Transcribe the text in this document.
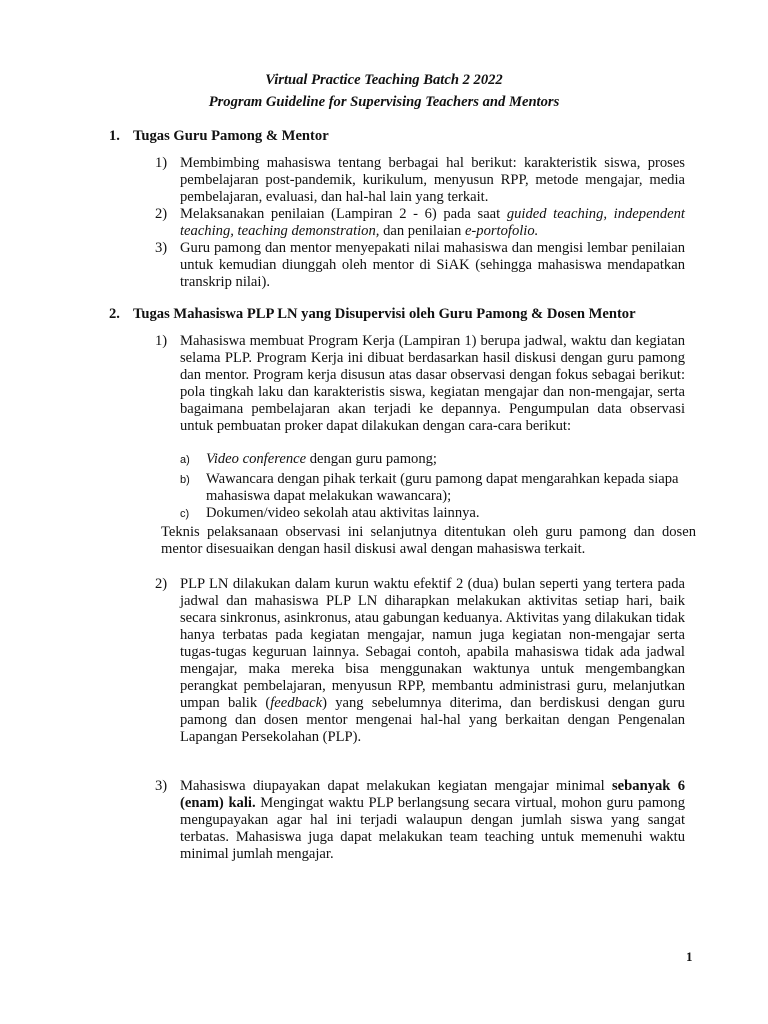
Virtual Practice Teaching Batch 2 2022
Program Guideline for Supervising Teachers and Mentors
1. Tugas Guru Pamong & Mentor
1) Membimbing mahasiswa tentang berbagai hal berikut: karakteristik siswa, proses pembelajaran post-pandemik, kurikulum, menyusun RPP, metode mengajar, media pembelajaran, evaluasi, dan hal-hal lain yang terkait.
2) Melaksanakan penilaian (Lampiran 2 - 6) pada saat guided teaching, independent teaching, teaching demonstration, dan penilaian e-portofolio.
3) Guru pamong dan mentor menyepakati nilai mahasiswa dan mengisi lembar penilaian untuk kemudian diunggah oleh mentor di SiAK (sehingga mahasiswa mendapatkan transkrip nilai).
2. Tugas Mahasiswa PLP LN yang Disupervisi oleh Guru Pamong & Dosen Mentor
1) Mahasiswa membuat Program Kerja (Lampiran 1) berupa jadwal, waktu dan kegiatan selama PLP. Program Kerja ini dibuat berdasarkan hasil diskusi dengan guru pamong dan mentor. Program kerja disusun atas dasar observasi dengan fokus sebagai berikut: pola tingkah laku dan karakteristis siswa, kegiatan mengajar dan non-mengajar, serta bagaimana pembelajaran akan terjadi ke depannya. Pengumpulan data observasi untuk pembuatan proker dapat dilakukan dengan cara-cara berikut:
a) Video conference dengan guru pamong;
b) Wawancara dengan pihak terkait (guru pamong dapat mengarahkan kepada siapa mahasiswa dapat melakukan wawancara);
c) Dokumen/video sekolah atau aktivitas lainnya.
Teknis pelaksanaan observasi ini selanjutnya ditentukan oleh guru pamong dan dosen mentor disesuaikan dengan hasil diskusi awal dengan mahasiswa terkait.
2) PLP LN dilakukan dalam kurun waktu efektif 2 (dua) bulan seperti yang tertera pada jadwal dan mahasiswa PLP LN diharapkan melakukan aktivitas setiap hari, baik secara sinkronus, asinkronus, atau gabungan keduanya. Aktivitas yang dilakukan tidak hanya terbatas pada kegiatan mengajar, namun juga kegiatan non-mengajar serta tugas-tugas keguruan lainnya. Sebagai contoh, apabila mahasiswa tidak ada jadwal mengajar, maka mereka bisa menggunakan waktunya untuk mengembangkan perangkat pembelajaran, menyusun RPP, membantu administrasi guru, melanjutkan umpan balik (feedback) yang sebelumnya diterima, dan berdiskusi dengan guru pamong dan dosen mentor mengenai hal-hal yang berkaitan dengan Pengenalan Lapangan Persekolahan (PLP).
3) Mahasiswa diupayakan dapat melakukan kegiatan mengajar minimal sebanyak 6 (enam) kali. Mengingat waktu PLP berlangsung secara virtual, mohon guru pamong mengupayakan agar hal ini terjadi walaupun dengan jumlah siswa yang sangat terbatas. Mahasiswa juga dapat melakukan team teaching untuk memenuhi waktu minimal jumlah mengajar.
1
